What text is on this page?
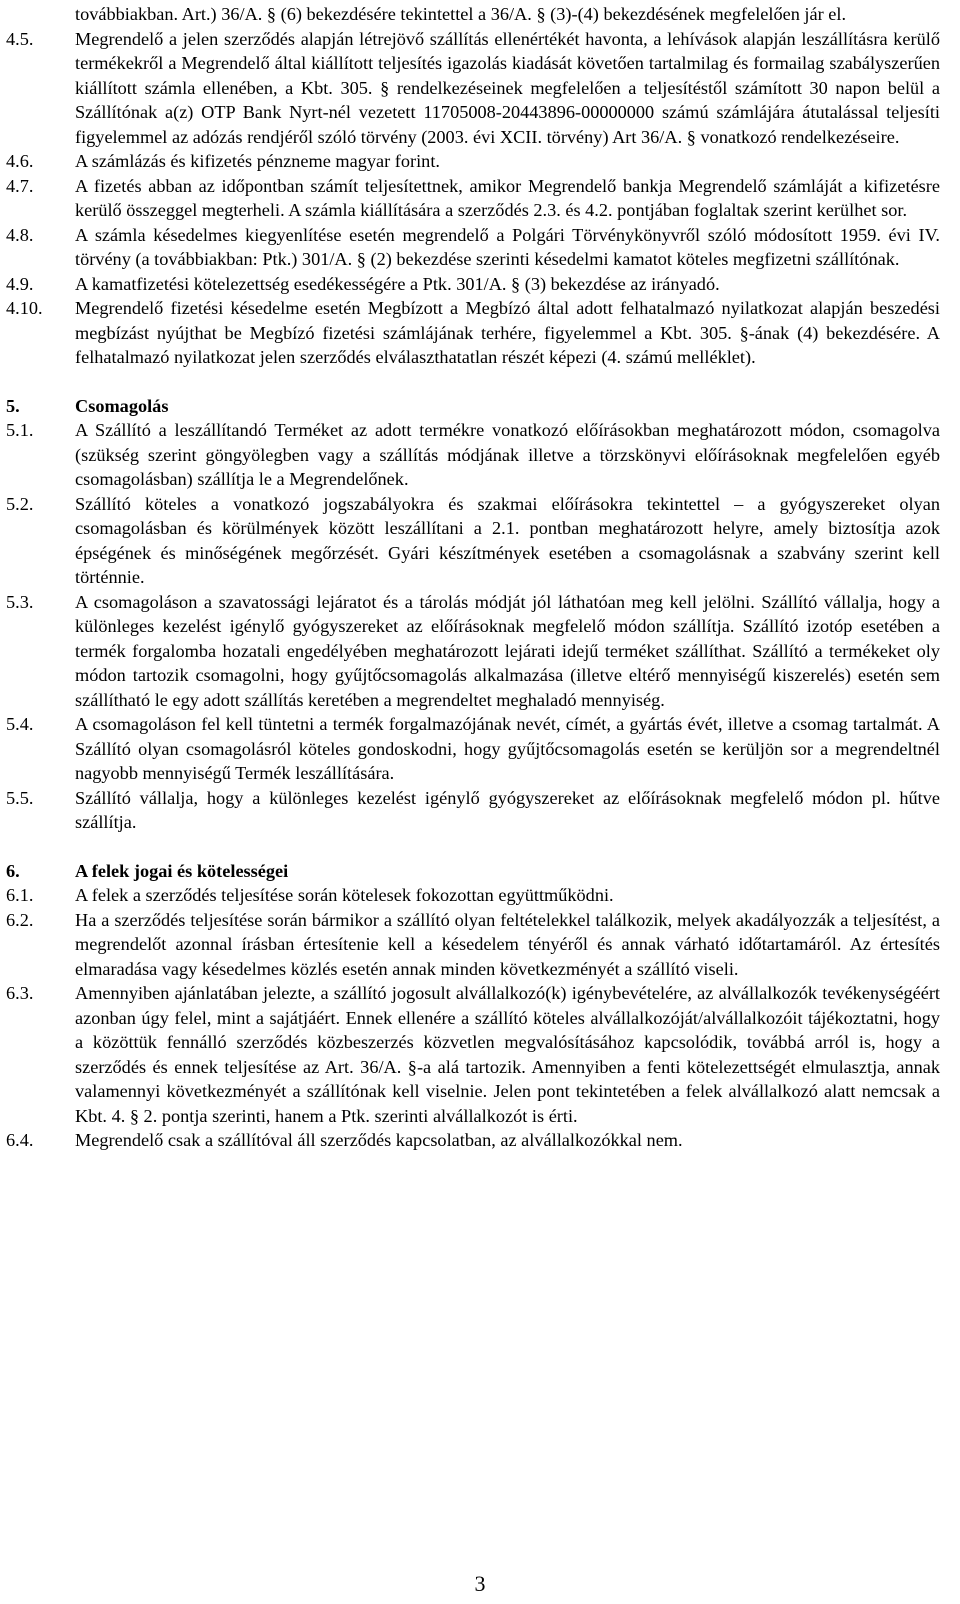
továbbiakban. Art.) 36/A. § (6) bekezdésére tekintettel a 36/A. § (3)-(4) bekezdésének megfelelően jár el.
4.5. Megrendelő a jelen szerződés alapján létrejövő szállítás ellenértékét havonta, a lehívások alapján leszállításra kerülő termékekről a Megrendelő által kiállított teljesítés igazolás kiadását követően tartalmilag és formailag szabályszerűen kiállított számla ellenében, a Kbt. 305. § rendelkezéseinek megfelelően a teljesítéstől számított 30 napon belül a Szállítónak a(z) OTP Bank Nyrt-nél vezetett 11705008-20443896-00000000 számú számlájára átutalással teljesíti figyelemmel az adózás rendjéről szóló törvény (2003. évi XCII. törvény) Art 36/A. § vonatkozó rendelkezéseire.
4.6. A számlázás és kifizetés pénzneme magyar forint.
4.7. A fizetés abban az időpontban számít teljesítettnek, amikor Megrendelő bankja Megrendelő számláját a kifizetésre kerülő összeggel megterheli. A számla kiállítására a szerződés 2.3. és 4.2. pontjában foglaltak szerint kerülhet sor.
4.8. A számla késedelmes kiegyenlítése esetén megrendelő a Polgári Törvénykönyvről szóló módosított 1959. évi IV. törvény (a továbbiakban: Ptk.) 301/A. § (2) bekezdése szerinti késedelmi kamatot köteles megfizetni szállítónak.
4.9. A kamatfizetési kötelezettség esedékességére a Ptk. 301/A. § (3) bekezdése az irányadó.
4.10. Megrendelő fizetési késedelme esetén Megbízott a Megbízó által adott felhatalmazó nyilatkozat alapján beszedési megbízást nyújthat be Megbízó fizetési számlájának terhére, figyelemmel a Kbt. 305. §-ának (4) bekezdésére. A felhatalmazó nyilatkozat jelen szerződés elválaszthatatlan részét képezi (4. számú melléklet).
5.	Csomagolás
5.1. A Szállító a leszállítandó Terméket az adott termékre vonatkozó előírásokban meghatározott módon, csomagolva (szükség szerint göngyölegben vagy a szállítás módjának illetve a törzskönyvi előírásoknak megfelelően egyéb csomagolásban) szállítja le a Megrendelőnek.
5.2. Szállító köteles a vonatkozó jogszabályokra és szakmai előírásokra tekintettel – a gyógyszereket olyan csomagolásban és körülmények között leszállítani a 2.1. pontban meghatározott helyre, amely biztosítja azok épségének és minőségének megőrzését. Gyári készítmények esetében a csomagolásnak a szabvány szerint kell történnie.
5.3. A csomagoláson a szavatossági lejáratot és a tárolás módját jól láthatóan meg kell jelölni. Szállító vállalja, hogy a különleges kezelést igénylő gyógyszereket az előírásoknak megfelelő módon szállítja. Szállító izotóp esetében a termék forgalomba hozatali engedélyében meghatározott lejárati idejű terméket szállíthat. Szállító a termékeket oly módon tartozik csomagolni, hogy gyűjtőcsomagolás alkalmazása (illetve eltérő mennyiségű kiszerelés) esetén sem szállítható le egy adott szállítás keretében a megrendeltet meghaladó mennyiség.
5.4. A csomagoláson fel kell tüntetni a termék forgalmazójának nevét, címét, a gyártás évét, illetve a csomag tartalmát. A Szállító olyan csomagolásról köteles gondoskodni, hogy gyűjtőcsomagolás esetén se kerüljön sor a megrendeltnél nagyobb mennyiségű Termék leszállítására.
5.5. Szállító vállalja, hogy a különleges kezelést igénylő gyógyszereket az előírásoknak megfelelő módon pl. hűtve szállítja.
6.	A felek jogai és kötelességei
6.1. A felek a szerződés teljesítése során kötelesek fokozottan együttműködni.
6.2. Ha a szerződés teljesítése során bármikor a szállító olyan feltételekkel találkozik, melyek akadályozzák a teljesítést, a megrendelőt azonnal írásban értesítenie kell a késedelem tényéről és annak várható időtartamáról. Az értesítés elmaradása vagy késedelmes közlés esetén annak minden következményét a szállító viseli.
6.3. Amennyiben ajánlatában jelezte, a szállító jogosult alvállalkozó(k) igénybevételére, az alvállalkozók tevékenységéért azonban úgy felel, mint a sajátjáért. Ennek ellenére a szállító köteles alvállalkozóját/alvállalkozóit tájékoztatni, hogy a közöttük fennálló szerződés közbeszerzés közvetlen megvalósításához kapcsolódik, továbbá arról is, hogy a szerződés és ennek teljesítése az Art. 36/A. §-a alá tartozik. Amennyiben a fenti kötelezettségét elmulasztja, annak valamennyi következményét a szállítónak kell viselnie. Jelen pont tekintetében a felek alvállalkozó alatt nemcsak a Kbt. 4. § 2. pontja szerinti, hanem a Ptk. szerinti alvállalkozót is érti.
6.4. Megrendelő csak a szállítóval áll szerződés kapcsolatban, az alvállalkozókkal nem.
3
